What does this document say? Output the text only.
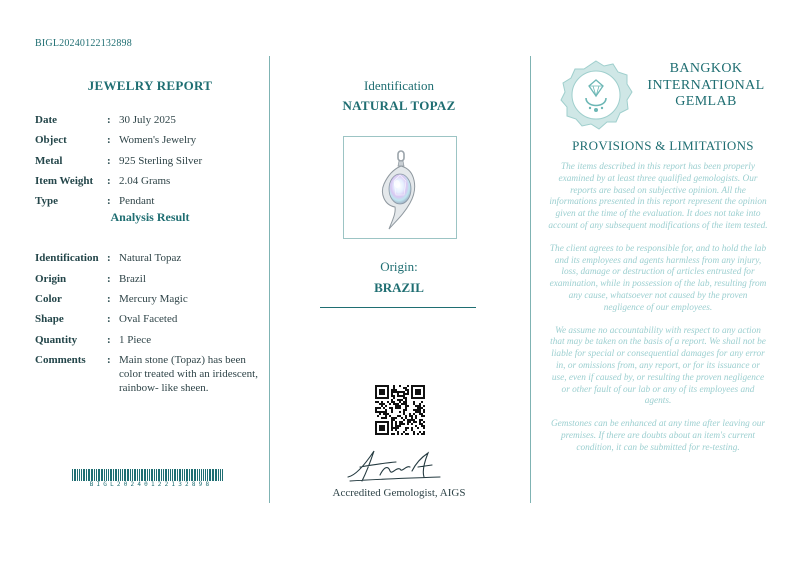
BIGL20240122132898
JEWELRY REPORT
Date	: 30 July 2025
Object	: Women's Jewelry
Metal	: 925 Sterling Silver
Item Weight	: 2.04 Grams
Type	: Pendant
Analysis Result
Identification : Natural Topaz
Origin	: Brazil
Color	: Mercury Magic
Shape	: Oval Faceted
Quantity	: 1 Piece
Comments	: Main stone (Topaz) has been color treated with an iridescent, rainbow- like sheen.
BIGL20240122132898
Identification
NATURAL TOPAZ
Origin:
BRAZIL
Accredited Gemologist, AIGS
BANGKOK
INTERNATIONAL
GEMLAB
PROVISIONS & LIMITATIONS

The items described in this report has been properly examined by at least three qualified gemologists. Our reports are based on subjective opinion. All the informations presented in this report represent the opinion given at the time of the evaluation. It does not take into account of any subsequent modifications of the item tested.

The client agrees to be responsible for, and to hold the lab and its employees and agents harmless from any injury, loss, damage or destruction of articles entrusted for examination, while in possession of the lab, resulting from any cause, whatsoever not caused by the proven negligence of our employees.

We assume no accountability with respect to any action that may be taken on the basis of a report. We shall not be liable for special or consequential damages for any error in, or omissions from, any report, or for its issuance or use, even if caused by, or resulting the proven negligence or other fault of our lab or any of its employees and agents.

Gemstones can be enhanced at any time after leaving our premises. If there are doubts about an item's current condition, it can be submitted for re-testing.
